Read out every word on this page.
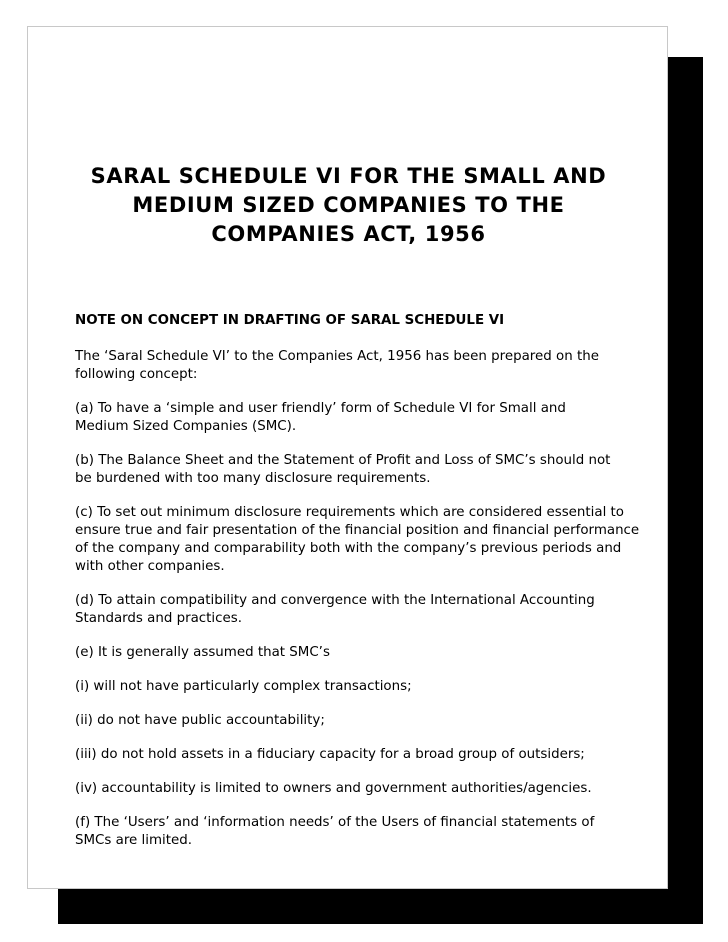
SARAL SCHEDULE VI FOR THE SMALL AND
MEDIUM SIZED COMPANIES TO THE
COMPANIES ACT, 1956

NOTE ON CONCEPT IN DRAFTING OF SARAL SCHEDULE VI

The ‘Saral Schedule VI’ to the Companies Act, 1956 has been prepared on the
following concept:

(a) To have a ‘simple and user friendly’ form of Schedule VI for Small and
Medium Sized Companies (SMC).

(b) The Balance Sheet and the Statement of Profit and Loss of SMC’s should not
be burdened with too many disclosure requirements.

(c) To set out minimum disclosure requirements which are considered essential to
ensure true and fair presentation of the financial position and financial performance
of the company and comparability both with the company’s previous periods and
with other companies.

(d) To attain compatibility and convergence with the International Accounting
Standards and practices.

(e) It is generally assumed that SMC’s

(i) will not have particularly complex transactions;

(ii) do not have public accountability;

(iii) do not hold assets in a fiduciary capacity for a broad group of outsiders;

(iv) accountability is limited to owners and government authorities/agencies.

(f) The ‘Users’ and ‘information needs’ of the Users of financial statements of
SMCs are limited.
